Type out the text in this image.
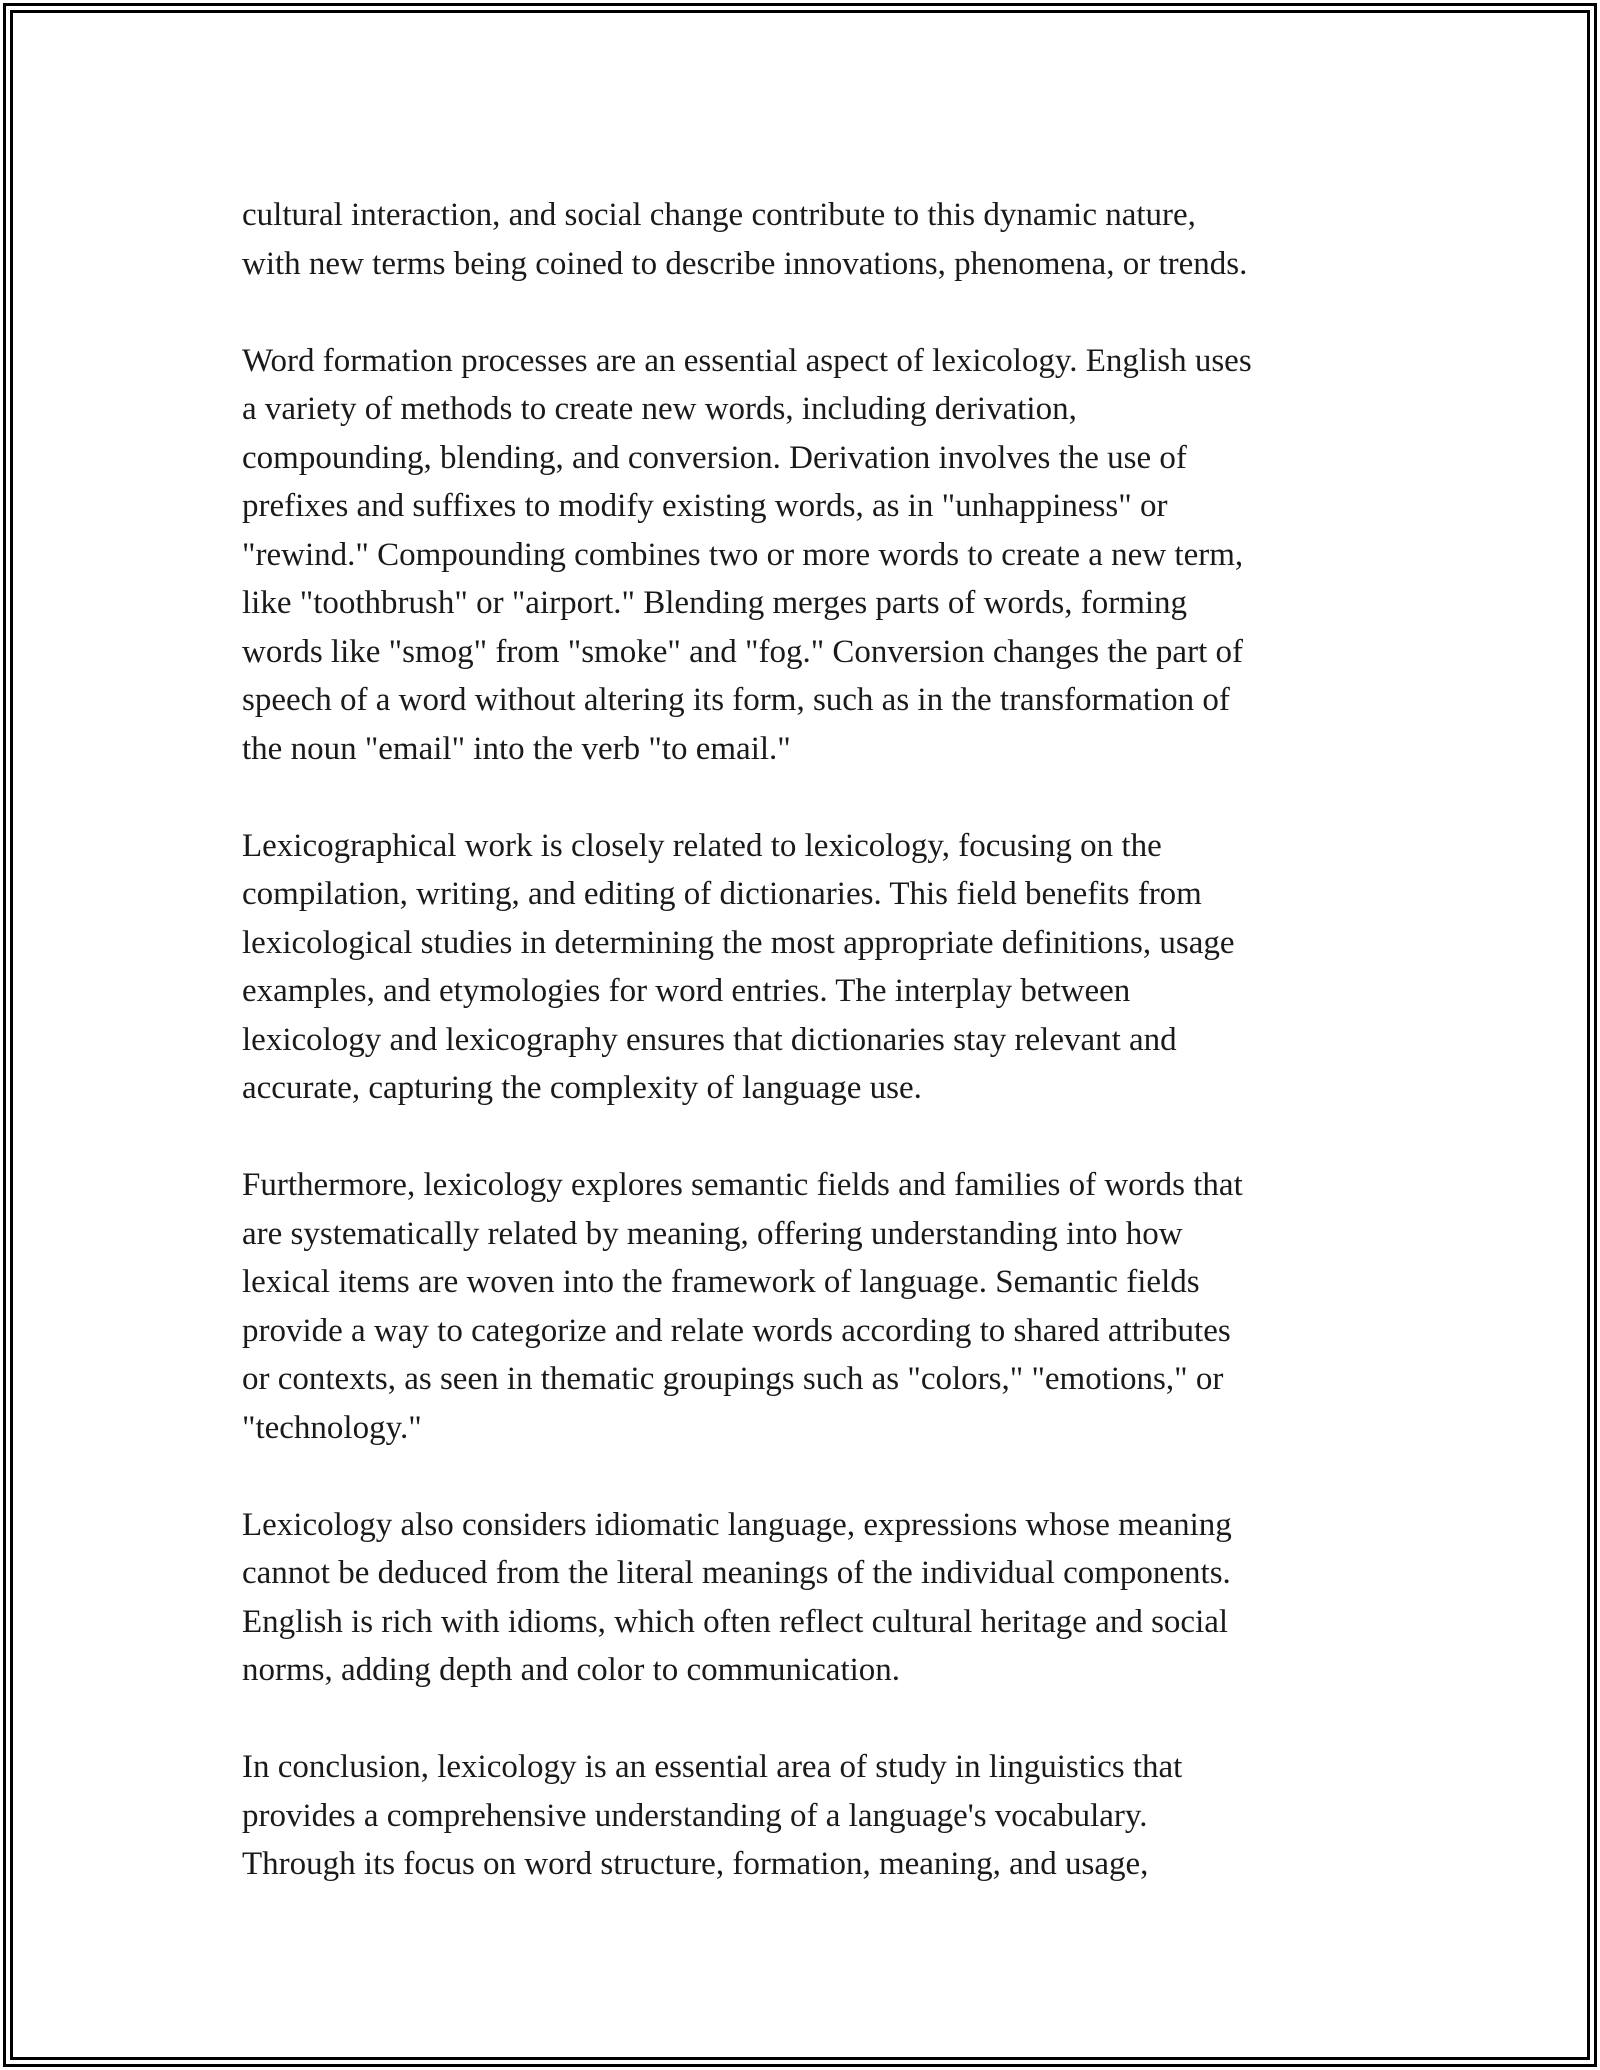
cultural interaction, and social change contribute to this dynamic nature,
with new terms being coined to describe innovations, phenomena, or trends.

Word formation processes are an essential aspect of lexicology. English uses
a variety of methods to create new words, including derivation,
compounding, blending, and conversion. Derivation involves the use of
prefixes and suffixes to modify existing words, as in "unhappiness" or
"rewind." Compounding combines two or more words to create a new term,
like "toothbrush" or "airport." Blending merges parts of words, forming
words like "smog" from "smoke" and "fog." Conversion changes the part of
speech of a word without altering its form, such as in the transformation of
the noun "email" into the verb "to email."

Lexicographical work is closely related to lexicology, focusing on the
compilation, writing, and editing of dictionaries. This field benefits from
lexicological studies in determining the most appropriate definitions, usage
examples, and etymologies for word entries. The interplay between
lexicology and lexicography ensures that dictionaries stay relevant and
accurate, capturing the complexity of language use.

Furthermore, lexicology explores semantic fields and families of words that
are systematically related by meaning, offering understanding into how
lexical items are woven into the framework of language. Semantic fields
provide a way to categorize and relate words according to shared attributes
or contexts, as seen in thematic groupings such as "colors," "emotions," or
"technology."

Lexicology also considers idiomatic language, expressions whose meaning
cannot be deduced from the literal meanings of the individual components.
English is rich with idioms, which often reflect cultural heritage and social
norms, adding depth and color to communication.

In conclusion, lexicology is an essential area of study in linguistics that
provides a comprehensive understanding of a language's vocabulary.
Through its focus on word structure, formation, meaning, and usage,
